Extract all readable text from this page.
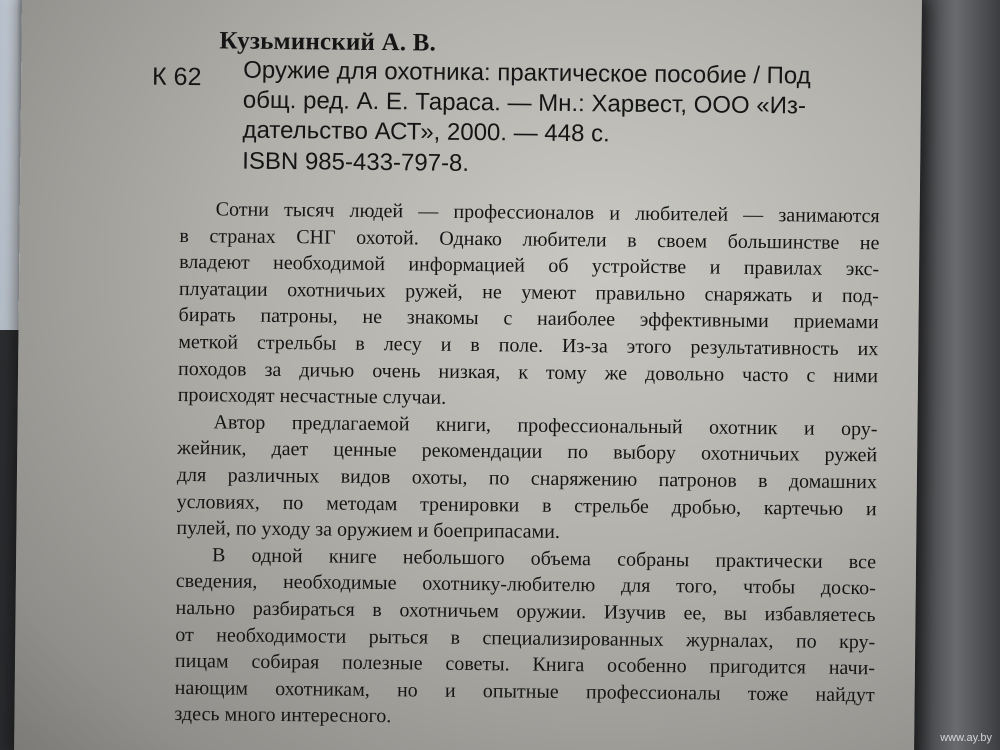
Кузьминский А. В.
К 62 Оружие для охотника: практическое пособие / Под
общ. ред. А. Е. Тараса. — Мн.: Харвест, ООО «Из-
дательство АСТ», 2000. — 448 с.
ISBN 985-433-797-8.
Сотни тысяч людей — профессионалов и любителей — занимаются
в странах СНГ охотой. Однако любители в своем большинстве не
владеют необходимой информацией об устройстве и правилах экс-
плуатации охотничьих ружей, не умеют правильно снаряжать и под-
бирать патроны, не знакомы с наиболее эффективными приемами
меткой стрельбы в лесу и в поле. Из-за этого результативность их
походов за дичью очень низкая, к тому же довольно часто с ними
происходят несчастные случаи.
Автор предлагаемой книги, профессиональный охотник и ору-
жейник, дает ценные рекомендации по выбору охотничьих ружей
для различных видов охоты, по снаряжению патронов в домашних
условиях, по методам тренировки в стрельбе дробью, картечью и
пулей, по уходу за оружием и боеприпасами.
В одной книге небольшого объема собраны практически все
сведения, необходимые охотнику-любителю для того, чтобы доско-
нально разбираться в охотничьем оружии. Изучив ее, вы избавляетесь
от необходимости рыться в специализированных журналах, по кру-
пицам собирая полезные советы. Книга особенно пригодится начи-
нающим охотникам, но и опытные профессионалы тоже найдут
здесь много интересного.
www.ay.by
